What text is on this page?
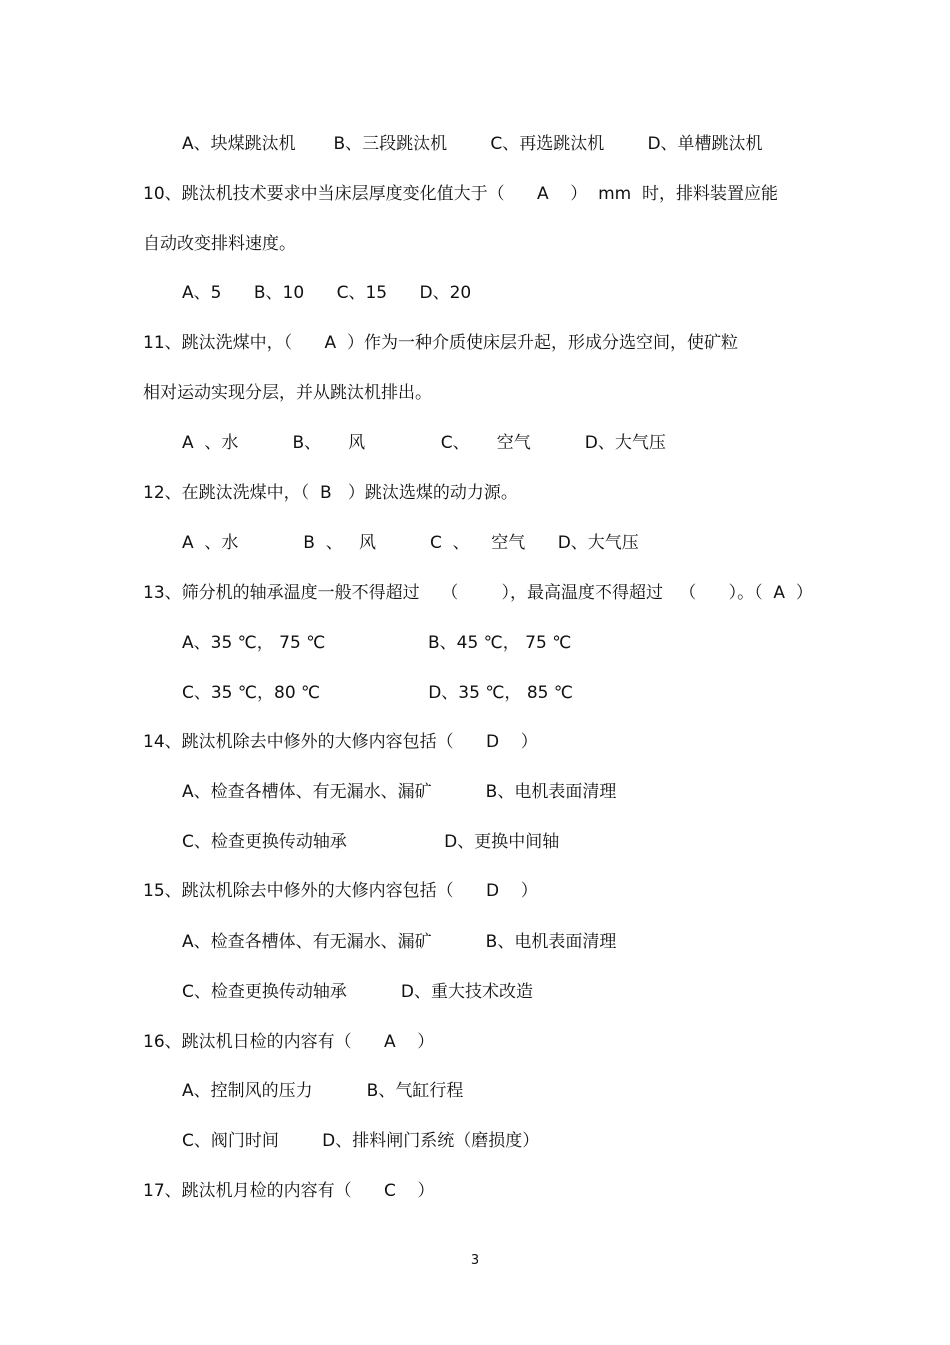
A、块煤跳汰机       B、三段跳汰机        C、再选跳汰机        D、单槽跳汰机
10、跳汰机技术要求中当床层厚度变化值大于（      A    ）  mm  时，排料装置应能
自动改变排料速度。
A、5      B、10      C、15      D、20
11、跳汰洗煤中，（      A  ）作为一种介质使床层升起，形成分选空间，使矿粒
相对运动实现分层，并从跳汰机排出。
A  、水          B、     风              C、     空气          D、大气压
12、在跳汰洗煤中，（  B   ）跳汰选煤的动力源。
A  、水            B  、   风          C  、    空气      D、大气压
13、筛分机的轴承温度一般不得超过    （        ），最高温度不得超过   （      ）。（  A  ）
A、35 ℃， 75 ℃                   B、45 ℃， 75 ℃
C、35 ℃，80 ℃                    D、35 ℃， 85 ℃
14、跳汰机除去中修外的大修内容包括（      D    ）
A、检查各槽体、有无漏水、漏矿          B、电机表面清理
C、检查更换传动轴承                  D、更换中间轴
15、跳汰机除去中修外的大修内容包括（      D    ）
A、检查各槽体、有无漏水、漏矿          B、电机表面清理
C、检查更换传动轴承          D、重大技术改造
16、跳汰机日检的内容有（      A    ）
A、控制风的压力          B、气缸行程
C、阀门时间        D、排料闸门系统（磨损度）
17、跳汰机月检的内容有（      C    ）
3
